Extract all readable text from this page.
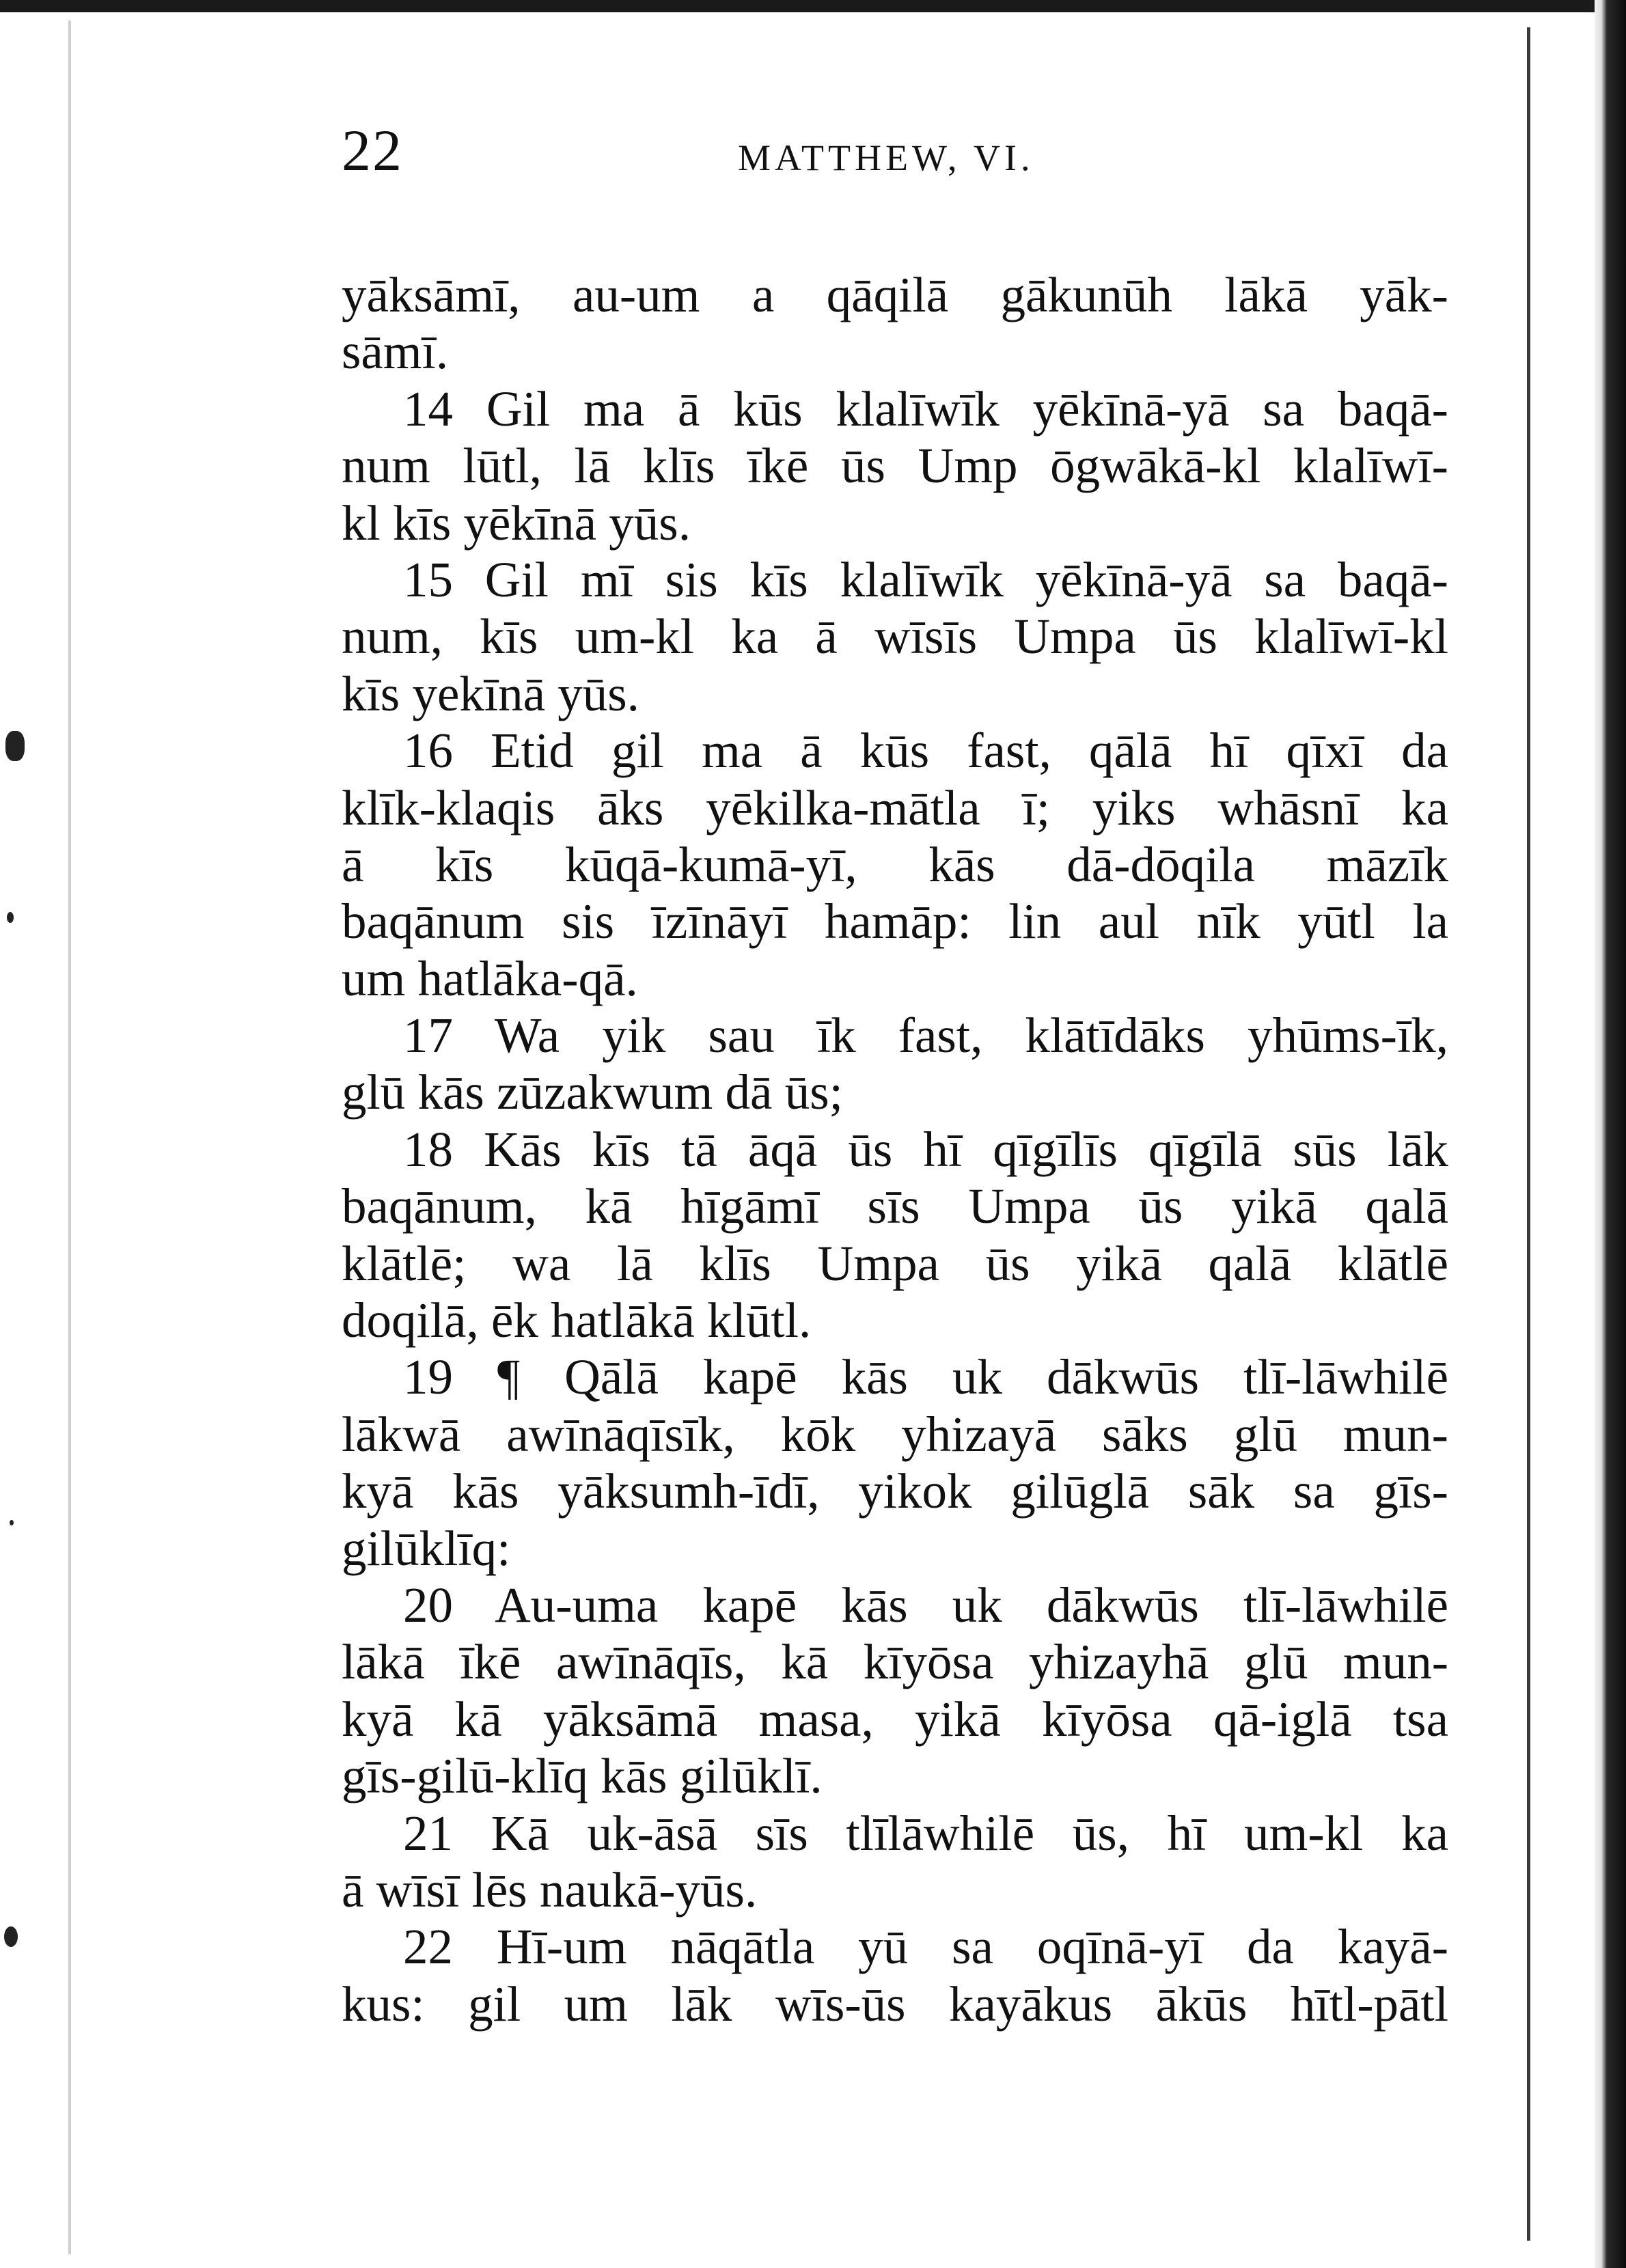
22	MATTHEW, VI.
yāksāmī, au-um a qāqilā gākunūh lākā yāk-
sāmī.
14 Gil ma ā kūs klalīwīk yēkīnā-yā sa baqā-
num lūtl, lā klīs īkē ūs Ump ōgwākā-kl klalīwī-
kl kīs yēkīnā yūs.
15 Gil mī sis kīs klalīwīk yēkīnā-yā sa baqā-
num, kīs um-kl ka ā wīsīs Umpa ūs klalīwī-kl
kīs yekīnā yūs.
16 Etid gil ma ā kūs fast, qālā hī qīxī da
klīk-klaqis āks yēkilka-mātla ī; yiks whāsnī ka
ā kīs kūqā-kumā-yī, kās dā-dōqila māzīk
baqānum sis īzīnāyī hamāp: lin aul nīk yūtl la
um hatlāka-qā.
17 Wa yik sau īk fast, klātīdāks yhūms-īk,
glū kās zūzakwum dā ūs;
18 Kās kīs tā āqā ūs hī qīgīlīs qīgīlā sūs lāk
baqānum, kā hīgāmī sīs Umpa ūs yikā qalā
klātlē; wa lā klīs Umpa ūs yikā qalā klātlē
doqilā, ēk hatlākā klūtl.
19 ¶ Qālā kapē kās uk dākwūs tlī-lāwhilē
lākwā awīnāqīsīk, kōk yhizayā sāks glū mun-
kyā kās yāksumh-īdī, yikok gilūglā sāk sa gīs-
gilūklīq:
20 Au-uma kapē kās uk dākwūs tlī-lāwhilē
lākā īkē awīnāqīs, kā kīyōsa yhizayhā glū mun-
kyā kā yāksāmā masa, yikā kīyōsa qā-iglā tsa
gīs-gilū-klīq kās gilūklī.
21 Kā uk-āsā sīs tlīlāwhilē ūs, hī um-kl ka
ā wīsī lēs naukā-yūs.
22 Hī-um nāqātla yū sa oqīnā-yī da kayā-
kus: gil um lāk wīs-ūs kayākus ākūs hītl-pātl
